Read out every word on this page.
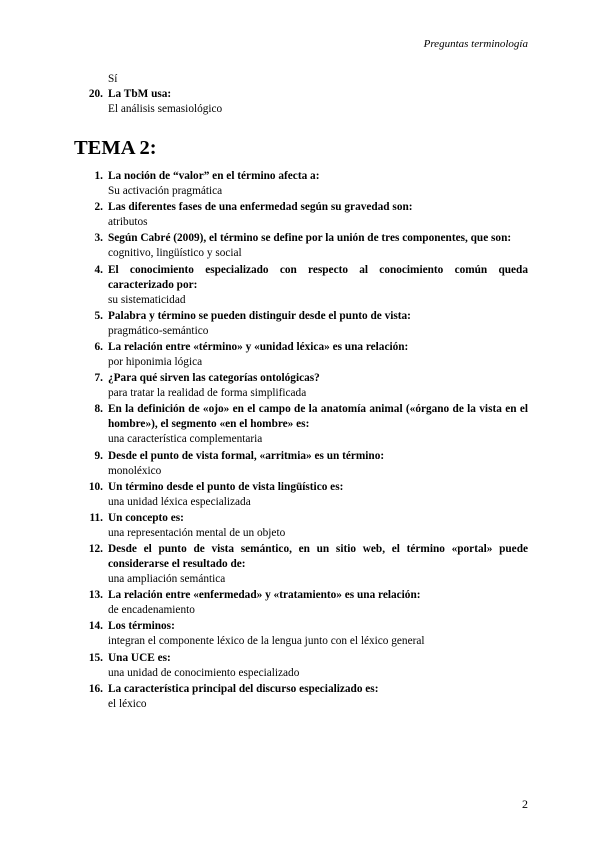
Preguntas terminología
Sí
20. La TbM usa:
El análisis semasiológico
TEMA 2:
1. La noción de “valor” en el término afecta a:
Su activación pragmática
2. Las diferentes fases de una enfermedad según su gravedad son:
atributos
3. Según Cabré (2009), el término se define por la unión de tres componentes, que son:
cognitivo, lingüístico y social
4. El conocimiento especializado con respecto al conocimiento común queda caracterizado por:
su sistematicidad
5. Palabra y término se pueden distinguir desde el punto de vista:
pragmático-semántico
6. La relación entre «término» y «unidad léxica» es una relación:
por hiponimia lógica
7. ¿Para qué sirven las categorías ontológicas?
para tratar la realidad de forma simplificada
8. En la definición de «ojo» en el campo de la anatomía animal («órgano de la vista en el hombre»), el segmento «en el hombre» es:
una característica complementaria
9. Desde el punto de vista formal, «arritmia» es un término:
monoléxico
10. Un término desde el punto de vista lingüístico es:
una unidad léxica especializada
11. Un concepto es:
una representación mental de un objeto
12. Desde el punto de vista semántico, en un sitio web, el término «portal» puede considerarse el resultado de:
una ampliación semántica
13. La relación entre «enfermedad» y «tratamiento» es una relación:
de encadenamiento
14. Los términos:
integran el componente léxico de la lengua junto con el léxico general
15. Una UCE es:
una unidad de conocimiento especializado
16. La característica principal del discurso especializado es:
el léxico
2
